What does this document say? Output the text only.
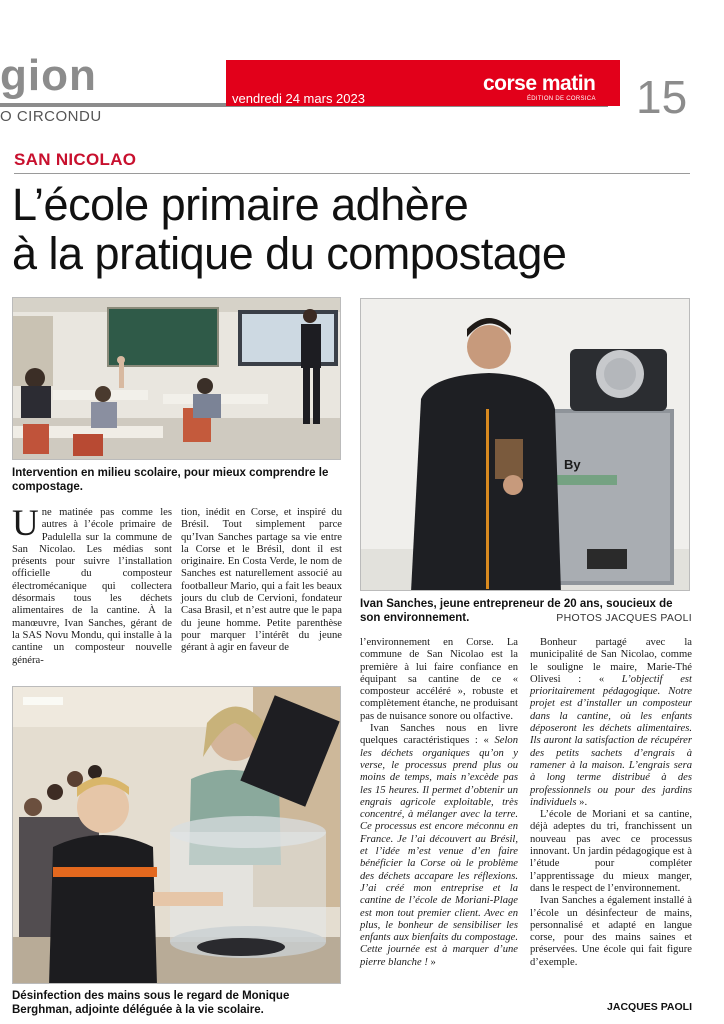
gion
O CIRCONDU
vendredi 24 mars 2023
corse matin
ÉDITION DE CORSICA 15
SAN NICOLAO
L’école primaire adhère
à la pratique du compostage
Intervention en milieu scolaire, pour mieux comprendre le compostage.
By
Ivan Sanches, jeune entrepreneur de 20 ans, soucieux de son environnement.	PHOTOS JACQUES PAOLI

Une matinée pas comme les autres à l’école primaire de Padulella sur la commune de San Nicolao. Les médias sont présents pour suivre l’installation officielle du composteur électromécanique qui collectera désormais tous les déchets alimentaires de la cantine. À la manœuvre, Ivan Sanches, gérant de la SAS Novu Mondu, qui installe à la cantine un composteur nouvelle généra-

tion, inédit en Corse, et inspiré du Brésil. Tout simplement parce qu’Ivan Sanches partage sa vie entre la Corse et le Brésil, dont il est originaire. En Costa Verde, le nom de Sanches est naturellement associé au footballeur Mario, qui a fait les beaux jours du club de Cervioni, fondateur Casa Brasil, et n’est autre que le papa du jeune homme. Petite parenthèse pour marquer l’intérêt du jeune gérant à agir en faveur de

Désinfection des mains sous le regard de Monique Berghman, adjointe déléguée à la vie scolaire.

l’environnement en Corse. La commune de San Nicolao est la première à lui faire confiance en équipant sa cantine de ce « composteur accéléré », robuste et complètement étanche, ne produisant pas de nuisance sonore ou olfactive.

Ivan Sanches nous en livre quelques caractéristiques : « Selon les déchets organiques qu’on y verse, le processus prend plus ou moins de temps, mais n’excède pas les 15 heures. Il permet d’obtenir un engrais agricole exploitable, très concentré, à mélanger avec la terre. Ce processus est encore méconnu en France. Je l’ai découvert au Brésil, et l’idée m’est venue d’en faire bénéficier la Corse où le problème des déchets accapare les réflexions. J’ai créé mon entreprise et la cantine de l’école de Moriani-Plage est mon tout premier client. Avec en plus, le bonheur de sensibiliser les enfants aux bienfaits du compostage. Cette journée est à marquer d’une pierre blanche ! »

Bonheur partagé avec la municipalité de San Nicolao, comme le souligne le maire, Marie-Thé Olivesi : « L’objectif est prioritairement pédagogique. Notre projet est d’installer un composteur dans la cantine, où les enfants déposeront les déchets alimentaires. Ils auront la satisfaction de récupérer des petits sachets d’engrais à ramener à la maison. L’engrais sera à long terme distribué à des professionnels ou pour des jardins individuels ».

L’école de Moriani et sa cantine, déjà adeptes du tri, franchissent un nouveau pas avec ce processus innovant. Un jardin pédagogique est à l’étude pour compléter l’apprentissage du mieux manger, dans le respect de l’environnement.

Ivan Sanches a également installé à l’école un désinfecteur de mains, personnalisé et adapté en langue corse, pour des mains saines et préservées. Une école qui fait figure d’exemple.

JACQUES PAOLI
